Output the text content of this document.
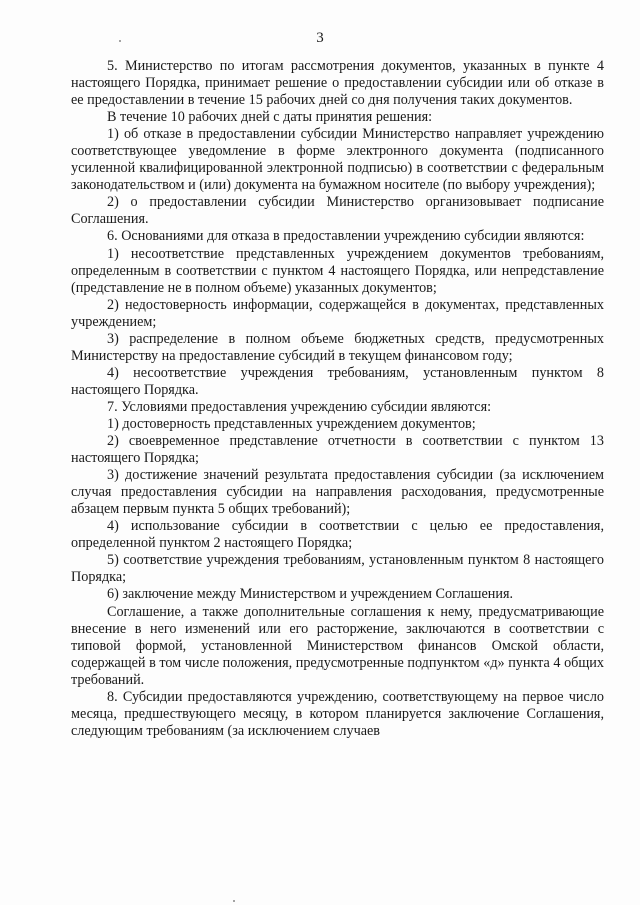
3

5. Министерство по итогам рассмотрения документов, указанных в пункте 4 настоящего Порядка, принимает решение о предоставлении субсидии или об отказе в ее предоставлении в течение 15 рабочих дней со дня получения таких документов.

В течение 10 рабочих дней с даты принятия решения:

1) об отказе в предоставлении субсидии Министерство направляет учреждению соответствующее уведомление в форме электронного документа (подписанного усиленной квалифицированной электронной подписью) в соответствии с федеральным законодательством и (или) документа на бумажном носителе (по выбору учреждения);

2) о предоставлении субсидии Министерство организовывает подписание Соглашения.

6. Основаниями для отказа в предоставлении учреждению субсидии являются:

1) несоответствие представленных учреждением документов требованиям, определенным в соответствии с пунктом 4 настоящего Порядка, или непредставление (представление не в полном объеме) указанных документов;

2) недостоверность информации, содержащейся в документах, представленных учреждением;

3) распределение в полном объеме бюджетных средств, предусмотренных Министерству на предоставление субсидий в текущем финансовом году;

4) несоответствие учреждения требованиям, установленным пунктом 8 настоящего Порядка.

7. Условиями предоставления учреждению субсидии являются:

1) достоверность представленных учреждением документов;

2) своевременное представление отчетности в соответствии с пунктом 13 настоящего Порядка;

3) достижение значений результата предоставления субсидии (за исключением случая предоставления субсидии на направления расходования, предусмотренные абзацем первым пункта 5 общих требований);

4) использование субсидии в соответствии с целью ее предоставления, определенной пунктом 2 настоящего Порядка;

5) соответствие учреждения требованиям, установленным пунктом 8 настоящего Порядка;

6) заключение между Министерством и учреждением Соглашения.

Соглашение, а также дополнительные соглашения к нему, предусматривающие внесение в него изменений или его расторжение, заключаются в соответствии с типовой формой, установленной Министерством финансов Омской области, содержащей в том числе положения, предусмотренные подпунктом «д» пункта 4 общих требований.

8. Субсидии предоставляются учреждению, соответствующему на первое число месяца, предшествующего месяцу, в котором планируется заключение Соглашения, следующим требованиям (за исключением случаев
